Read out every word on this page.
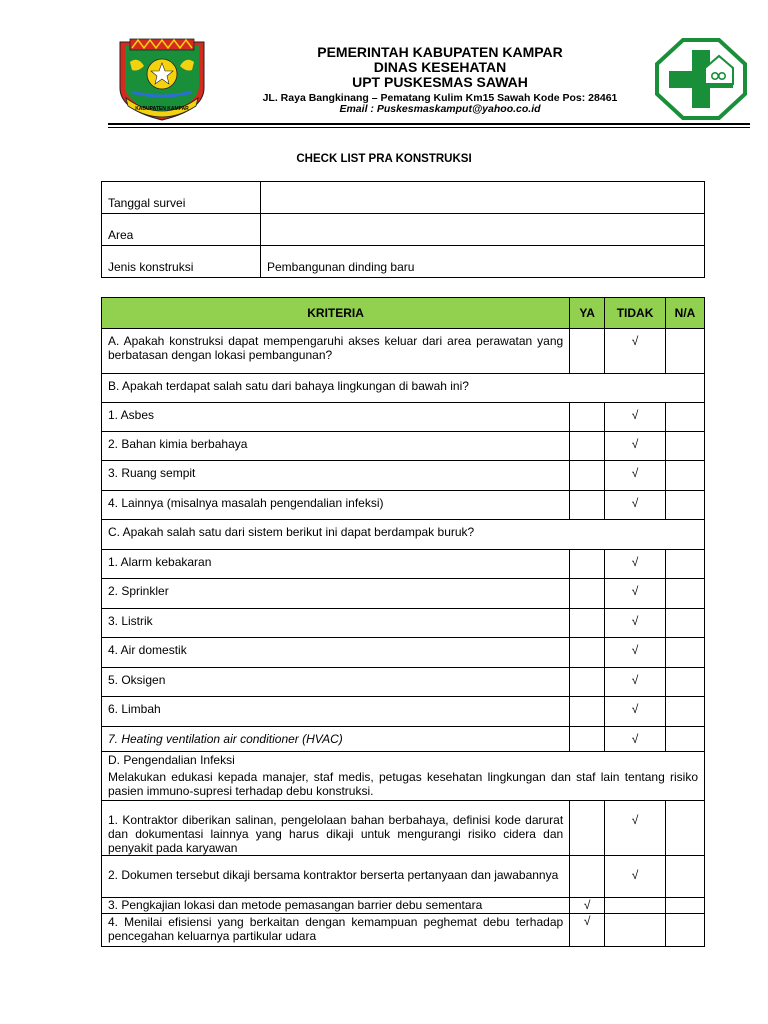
KABUPATEN KAMPAR
PEMERINTAH KABUPATEN KAMPAR
DINAS KESEHATAN
UPT PUSKESMAS SAWAH
JL. Raya Bangkinang – Pematang Kulim Km15 Sawah Kode Pos: 28461
Email : Puskesmaskamput@yahoo.co.id
CHECK LIST PRA KONSTRUKSI
Tanggal survei	
Area	
Jenis konstruksi	Pembangunan dinding baru
KRITERIA	YA	TIDAK	N/A
A. Apakah konstruksi dapat mempengaruhi akses keluar dari area perawatan yang berbatasan dengan lokasi pembangunan?		√	
B. Apakah terdapat salah satu dari bahaya lingkungan di bawah ini?			
1. Asbes		√	
2. Bahan kimia berbahaya		√	
3. Ruang sempit		√	
4. Lainnya (misalnya masalah pengendalian infeksi)		√	
C. Apakah salah satu dari sistem berikut ini dapat berdampak buruk?			
1. Alarm kebakaran		√	
2. Sprinkler		√	
3. Listrik		√	
4. Air domestik		√	
5. Oksigen		√	
6. Limbah		√	
7. Heating ventilation air conditioner (HVAC)		√	

D. Pengendalian Infeksi
Melakukan edukasi kepada manajer, staf medis, petugas kesehatan lingkungan dan staf lain tentang risiko pasien immuno-supresi terhadap debu konstruksi.			

1. Kontraktor diberikan salinan, pengelolaan bahan berbahaya, definisi kode darurat dan dokumentasi lainnya yang harus dikaji untuk mengurangi risiko cidera dan penyakit pada karyawan		√	
2. Dokumen tersebut dikaji bersama kontraktor berserta pertanyaan dan jawabannya		√	
3. Pengkajian lokasi dan metode pemasangan barrier debu sementara	√		
4. Menilai efisiensi yang berkaitan dengan kemampuan peghemat debu terhadap pencegahan keluarnya partikular udara	√		
